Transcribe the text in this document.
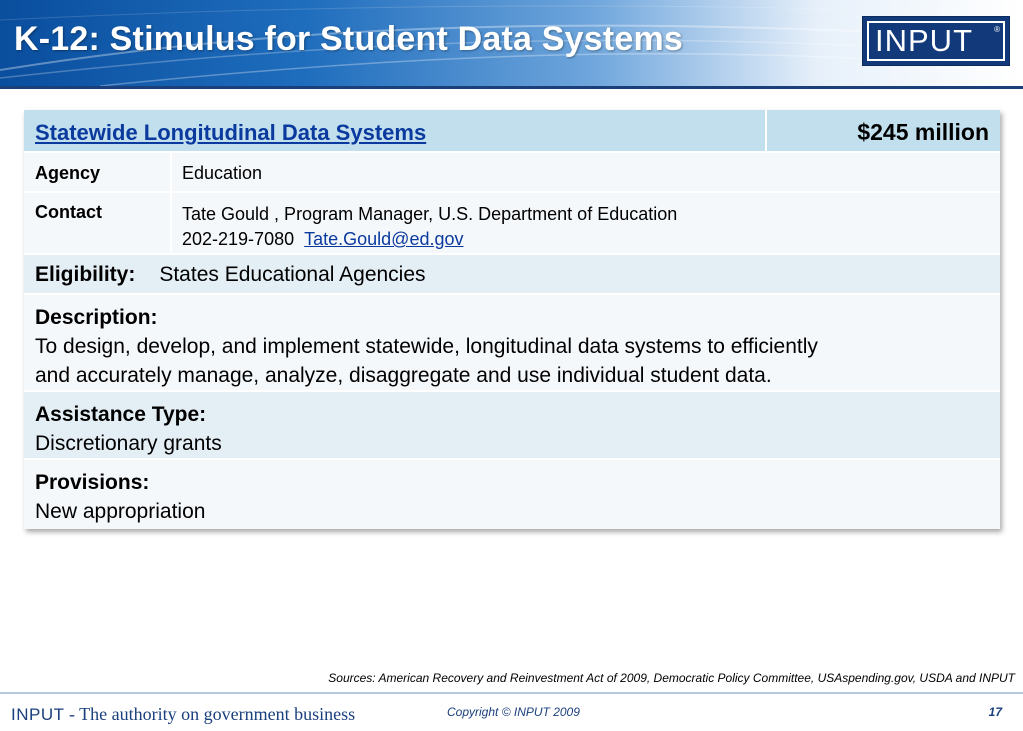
K-12: Stimulus for Student Data Systems	INPUT	®
Statewide Longitudinal Data Systems	$245 million
Agency	Education
Contact	Tate Gould , Program Manager, U.S. Department of Education
202-219-7080 Tate.Gould@ed.gov
Eligibility: States Educational Agencies
Description:
To design, develop, and implement statewide, longitudinal data systems to efficiently
and accurately manage, analyze, disaggregate and use individual student data.
Assistance Type:
Discretionary grants
Provisions:
New appropriation
Sources: American Recovery and Reinvestment Act of 2009, Democratic Policy Committee, USAspending.gov, USDA and INPUT
INPUT - The authority on government business	Copyright © INPUT 2009	17
